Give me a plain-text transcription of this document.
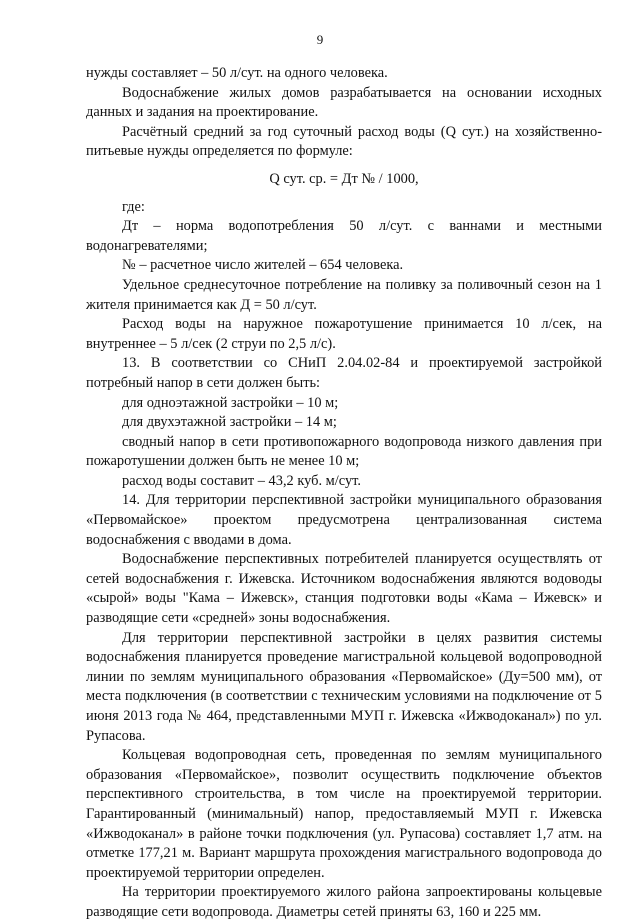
9

нужды составляет – 50 л/сут. на одного человека.

Водоснабжение жилых домов разрабатывается на основании исходных данных и задания на проектирование.

Расчётный средний за год суточный расход воды (Q сут.) на хозяйственно-питьевые нужды определяется по формуле:

Q сут. ср. = Дт № / 1000,

где:

Дт – норма водопотребления 50 л/сут. с ваннами и местными водонагревателями;

№ – расчетное число жителей – 654 человека.

Удельное среднесуточное потребление на поливку за поливочный сезон на 1 жителя принимается как Д = 50 л/сут.

Расход воды на наружное пожаротушение принимается 10 л/сек, на внутреннее – 5 л/сек (2 струи по 2,5 л/с).

13. В соответствии со СНиП 2.04.02-84 и проектируемой застройкой потребный напор в сети должен быть:

для одноэтажной застройки – 10 м;

для двухэтажной застройки – 14 м;

сводный напор в сети противопожарного водопровода низкого давления при пожаротушении должен быть не менее 10 м;

расход воды составит – 43,2 куб. м/сут.

14. Для территории перспективной застройки муниципального образования «Первомайское» проектом предусмотрена централизованная система водоснабжения с вводами в дома.

Водоснабжение перспективных потребителей планируется осуществлять от сетей водоснабжения г. Ижевска. Источником водоснабжения являются водоводы «сырой» воды "Кама – Ижевск», станция подготовки воды «Кама – Ижевск» и разводящие сети «средней» зоны водоснабжения.

Для территории перспективной застройки в целях развития системы водоснабжения планируется проведение магистральной кольцевой водопроводной линии по землям муниципального образования «Первомайское» (Ду=500 мм), от места подключения (в соответствии с техническим условиями на подключение от 5 июня 2013 года № 464, представленными МУП г. Ижевска «Ижводоканал») по ул. Рупасова.

Кольцевая водопроводная сеть, проведенная по землям муниципального образования «Первомайское», позволит осуществить подключение объектов перспективного строительства, в том числе на проектируемой территории. Гарантированный (минимальный) напор, предоставляемый МУП г. Ижевска «Ижводоканал» в районе точки подключения (ул. Рупасова) составляет 1,7 атм. на отметке 177,21 м. Вариант маршрута прохождения магистрального водопровода до проектируемой территории определен.

На территории проектируемого жилого района запроектированы кольцевые разводящие сети водопровода. Диаметры сетей приняты 63, 160 и 225 мм.
